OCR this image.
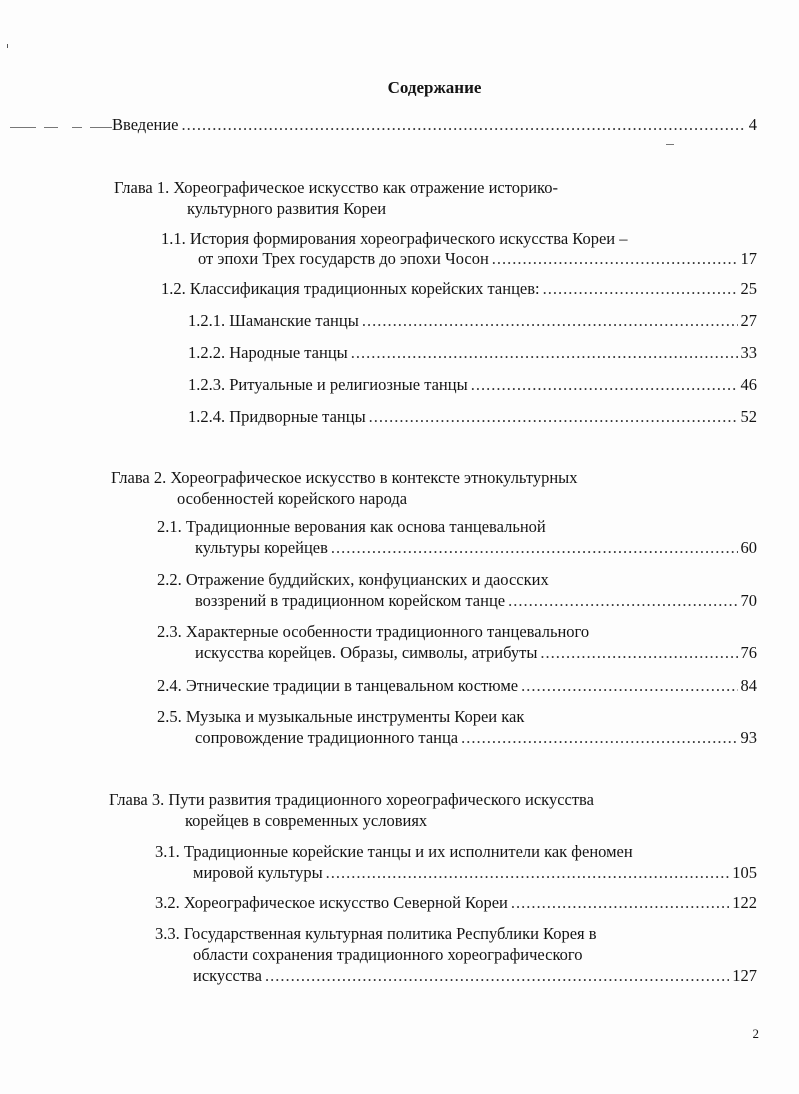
Содержание
Введение .....	4
Глава 1. Хореографическое искусство как отражение историко-
культурного развития Кореи
1.1. История формирования хореографического искусства Кореи –
от эпохи Трех государств до эпохи Чосон .....	17
1.2. Классификация традиционных корейских танцев: .....	25
1.2.1. Шаманские танцы .....	27
1.2.2. Народные танцы .....	33
1.2.3. Ритуальные и религиозные танцы .....	46
1.2.4. Придворные танцы .....	52
Глава 2. Хореографическое искусство в контексте этнокультурных
особенностей корейского народа
2.1. Традиционные верования как основа танцевальной
культуры корейцев .....	60
2.2. Отражение буддийских, конфуцианских и даосских
воззрений в традиционном корейском танце .....	70
2.3. Характерные особенности традиционного танцевального
искусства корейцев. Образы, символы, атрибуты .....	76
2.4. Этнические традиции в танцевальном костюме .....	84
2.5. Музыка и музыкальные инструменты Кореи как
сопровождение традиционного танца .....	93
Глава 3. Пути развития традиционного хореографического искусства
корейцев в современных условиях
3.1. Традиционные корейские танцы и их исполнители как феномен
мировой культуры .....	105
3.2. Хореографическое искусство Северной Кореи .....	122
3.3. Государственная культурная политика Республики Корея в
области сохранения традиционного хореографического
искусства .....	127
2
